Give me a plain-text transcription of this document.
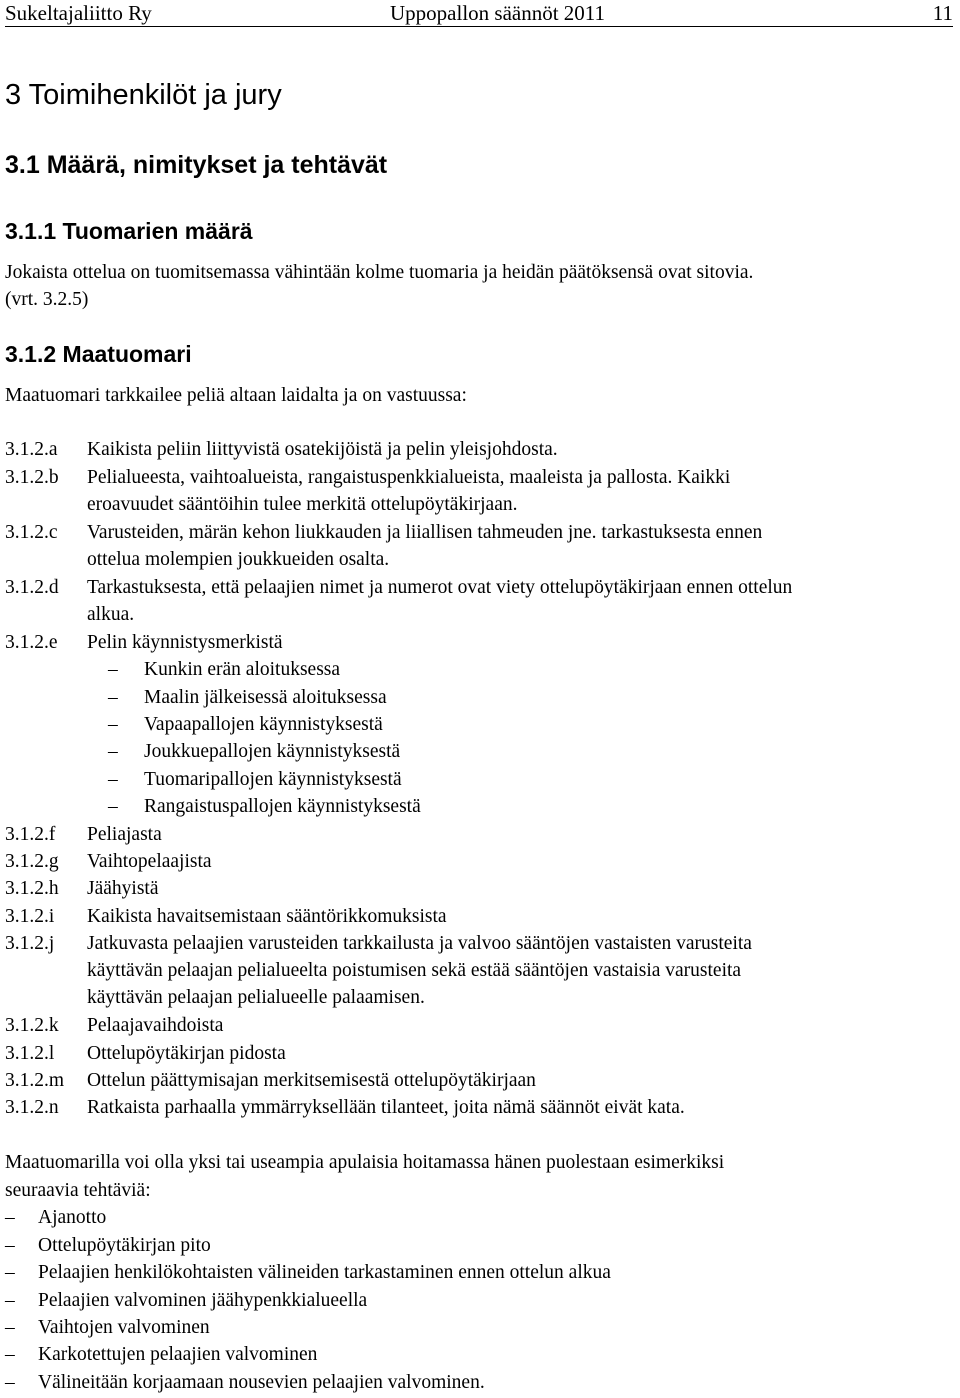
Sukeltajaliitto Ry	Uppopallon säännöt 2011	11
3 Toimihenkilöt ja jury
3.1 Määrä, nimitykset ja tehtävät
3.1.1 Tuomarien määrä

Jokaista ottelua on tuomitsemassa vähintään kolme tuomaria ja heidän päätöksensä ovat sitovia.

(vrt. 3.2.5)

3.1.2 Maatuomari

Maatuomari tarkkailee peliä altaan laidalta ja on vastuussa:

3.1.2.a Kaikista peliin liittyvistä osatekijöistä ja pelin yleisjohdosta.
3.1.2.b Pelialueesta, vaihtoalueista, rangaistuspenkkialueista, maaleista ja pallosta. Kaikki
eroavuudet sääntöihin tulee merkitä ottelupöytäkirjaan.
3.1.2.c Varusteiden, märän kehon liukkauden ja liiallisen tahmeuden jne. tarkastuksesta ennen
ottelua molempien joukkueiden osalta.
3.1.2.d Tarkastuksesta, että pelaajien nimet ja numerot ovat viety ottelupöytäkirjaan ennen ottelun
alkua.
3.1.2.e Pelin käynnistysmerkistä
– Kunkin erän aloituksessa
– Maalin jälkeisessä aloituksessa
– Vapaapallojen käynnistyksestä
– Joukkuepallojen käynnistyksestä
– Tuomaripallojen käynnistyksestä
– Rangaistuspallojen käynnistyksestä
3.1.2.f Peliajasta
3.1.2.g Vaihtopelaajista
3.1.2.h Jäähyistä
3.1.2.i Kaikista havaitsemistaan sääntörikkomuksista
3.1.2.j Jatkuvasta pelaajien varusteiden tarkkailusta ja valvoo sääntöjen vastaisten varusteita
käyttävän pelaajan pelialueelta poistumisen sekä estää sääntöjen vastaisia varusteita
käyttävän pelaajan pelialueelle palaamisen.
3.1.2.k Pelaajavaihdoista
3.1.2.l Ottelupöytäkirjan pidosta
3.1.2.m Ottelun päättymisajan merkitsemisestä ottelupöytäkirjaan
3.1.2.n Ratkaista parhaalla ymmärryksellään tilanteet, joita nämä säännöt eivät kata.

Maatuomarilla voi olla yksi tai useampia apulaisia hoitamassa hänen puolestaan esimerkiksi

seuraavia tehtäviä:

– Ajanotto
– Ottelupöytäkirjan pito
– Pelaajien henkilökohtaisten välineiden tarkastaminen ennen ottelun alkua
– Pelaajien valvominen jäähypenkkialueella
– Vaihtojen valvominen
– Karkotettujen pelaajien valvominen
– Välineitään korjaamaan nousevien pelaajien valvominen.
